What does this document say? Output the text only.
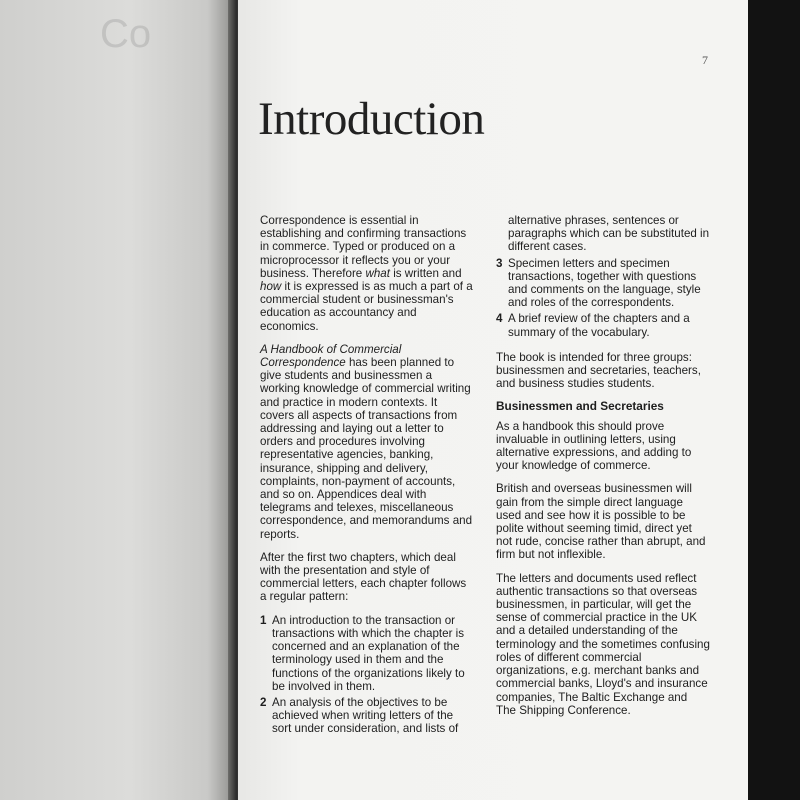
Co
7
Introduction

Correspondence is essential in establishing and confirming transactions in commerce. Typed or produced on a microprocessor it reflects you or your business. Therefore what is written and how it is expressed is as much a part of a commercial student or businessman's education as accountancy and economics.

A Handbook of Commercial Correspondence has been planned to give students and businessmen a working knowledge of commercial writing and practice in modern contexts. It covers all aspects of transactions from addressing and laying out a letter to orders and procedures involving representative agencies, banking, insurance, shipping and delivery, complaints, non-payment of accounts, and so on. Appendices deal with telegrams and telexes, miscellaneous correspondence, and memorandums and reports.

After the first two chapters, which deal with the presentation and style of commercial letters, each chapter follows a regular pattern:

1 An introduction to the transaction or transactions with which the chapter is concerned and an explanation of the terminology used in them and the functions of the organizations likely to be involved in them.
2 An analysis of the objectives to be achieved when writing letters of the sort under consideration, and lists of
alternative phrases, sentences or paragraphs which can be substituted in different cases.
3 Specimen letters and specimen transactions, together with questions and comments on the language, style and roles of the correspondents.
4 A brief review of the chapters and a summary of the vocabulary.

The book is intended for three groups: businessmen and secretaries, teachers, and business studies students.

Businessmen and Secretaries

As a handbook this should prove invaluable in outlining letters, using alternative expressions, and adding to your knowledge of commerce.

British and overseas businessmen will gain from the simple direct language used and see how it is possible to be polite without seeming timid, direct yet not rude, concise rather than abrupt, and firm but not inflexible.

The letters and documents used reflect authentic transactions so that overseas businessmen, in particular, will get the sense of commercial practice in the UK and a detailed understanding of the terminology and the sometimes confusing roles of different commercial organizations, e.g. merchant banks and commercial banks, Lloyd's and insurance companies, The Baltic Exchange and The Shipping Conference.
